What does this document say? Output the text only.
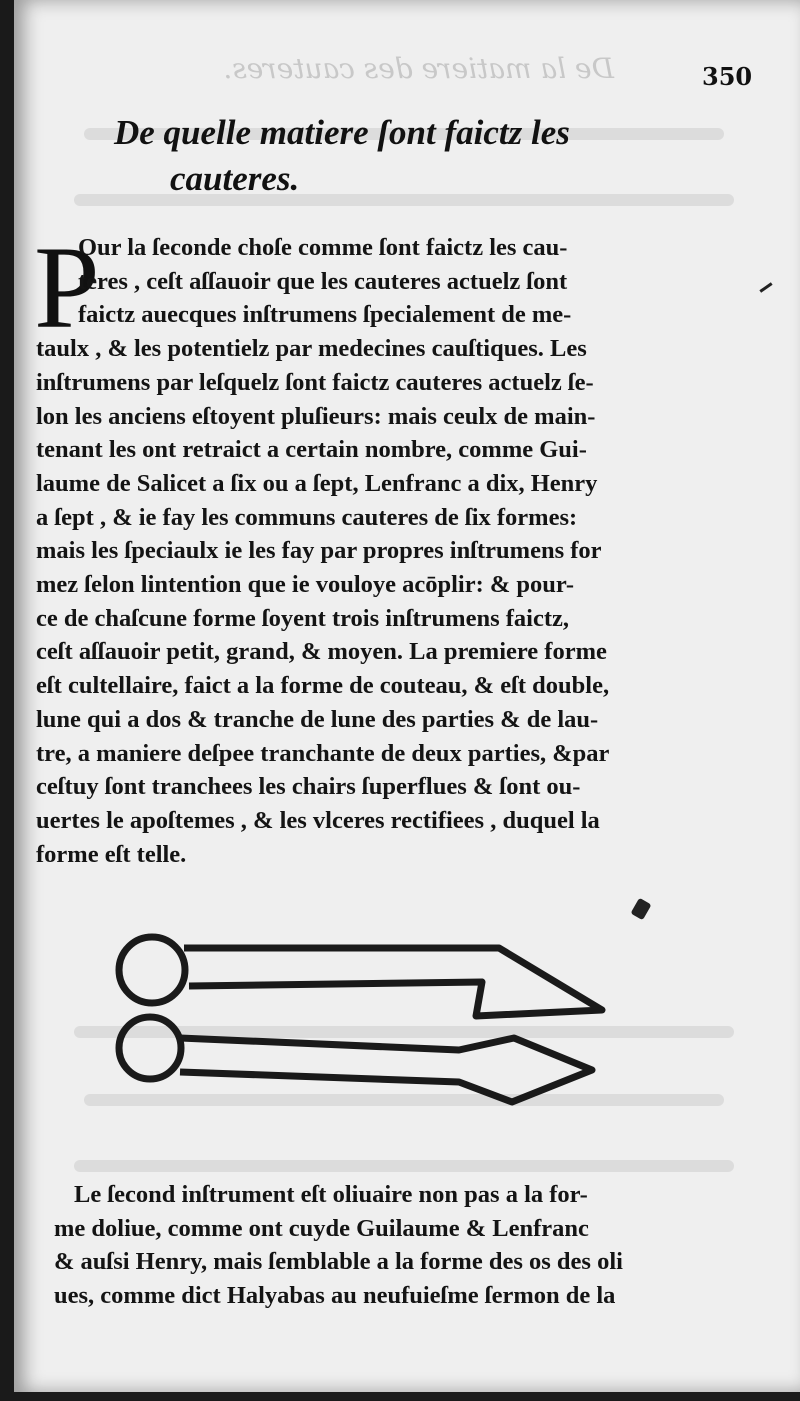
De la matiere des cauteres.	350
De quelle matiere ſont faictz les
cauteres.
P
Our la ſeconde choſe comme ſont faictz les cau-
teres , ceſt aſſauoir que les cauteres actuelz ſont
faictz auecques inſtrumens ſpecialement de me-
taulx , & les potentielz par medecines cauſtiques. Les
inſtrumens par leſquelz ſont faictz cauteres actuelz ſe-
lon les anciens eſtoyent pluſieurs: mais ceulx de main-
tenant les ont retraict a certain nombre, comme Gui-
laume de Salicet a ſix ou a ſept, Lenfranc a dix, Henry
a ſept , & ie fay les communs cauteres de ſix formes:
mais les ſpeciaulx ie les fay par propres inſtrumens for
mez ſelon lintention que ie vouloye acōplir: & pour-
ce de chaſcune forme ſoyent trois inſtrumens faictz,
ceſt aſſauoir petit, grand, & moyen. La premiere forme
eſt cultellaire, faict a la forme de couteau, & eſt double,
lune qui a dos & tranche de lune des parties & de lau-
tre, a maniere deſpee tranchante de deux parties, &par
ceſtuy ſont tranchees les chairs ſuperflues & ſont ou-
uertes le apoſtemes , & les vlceres rectifiees , duquel la
forme eſt telle.
Le ſecond inſtrument eſt oliuaire non pas a la for-
me doliue, comme ont cuyde Guilaume & Lenfranc
& auſsi Henry, mais ſemblable a la forme des os des oli
ues, comme dict Halyabas au neufuieſme ſermon de la
